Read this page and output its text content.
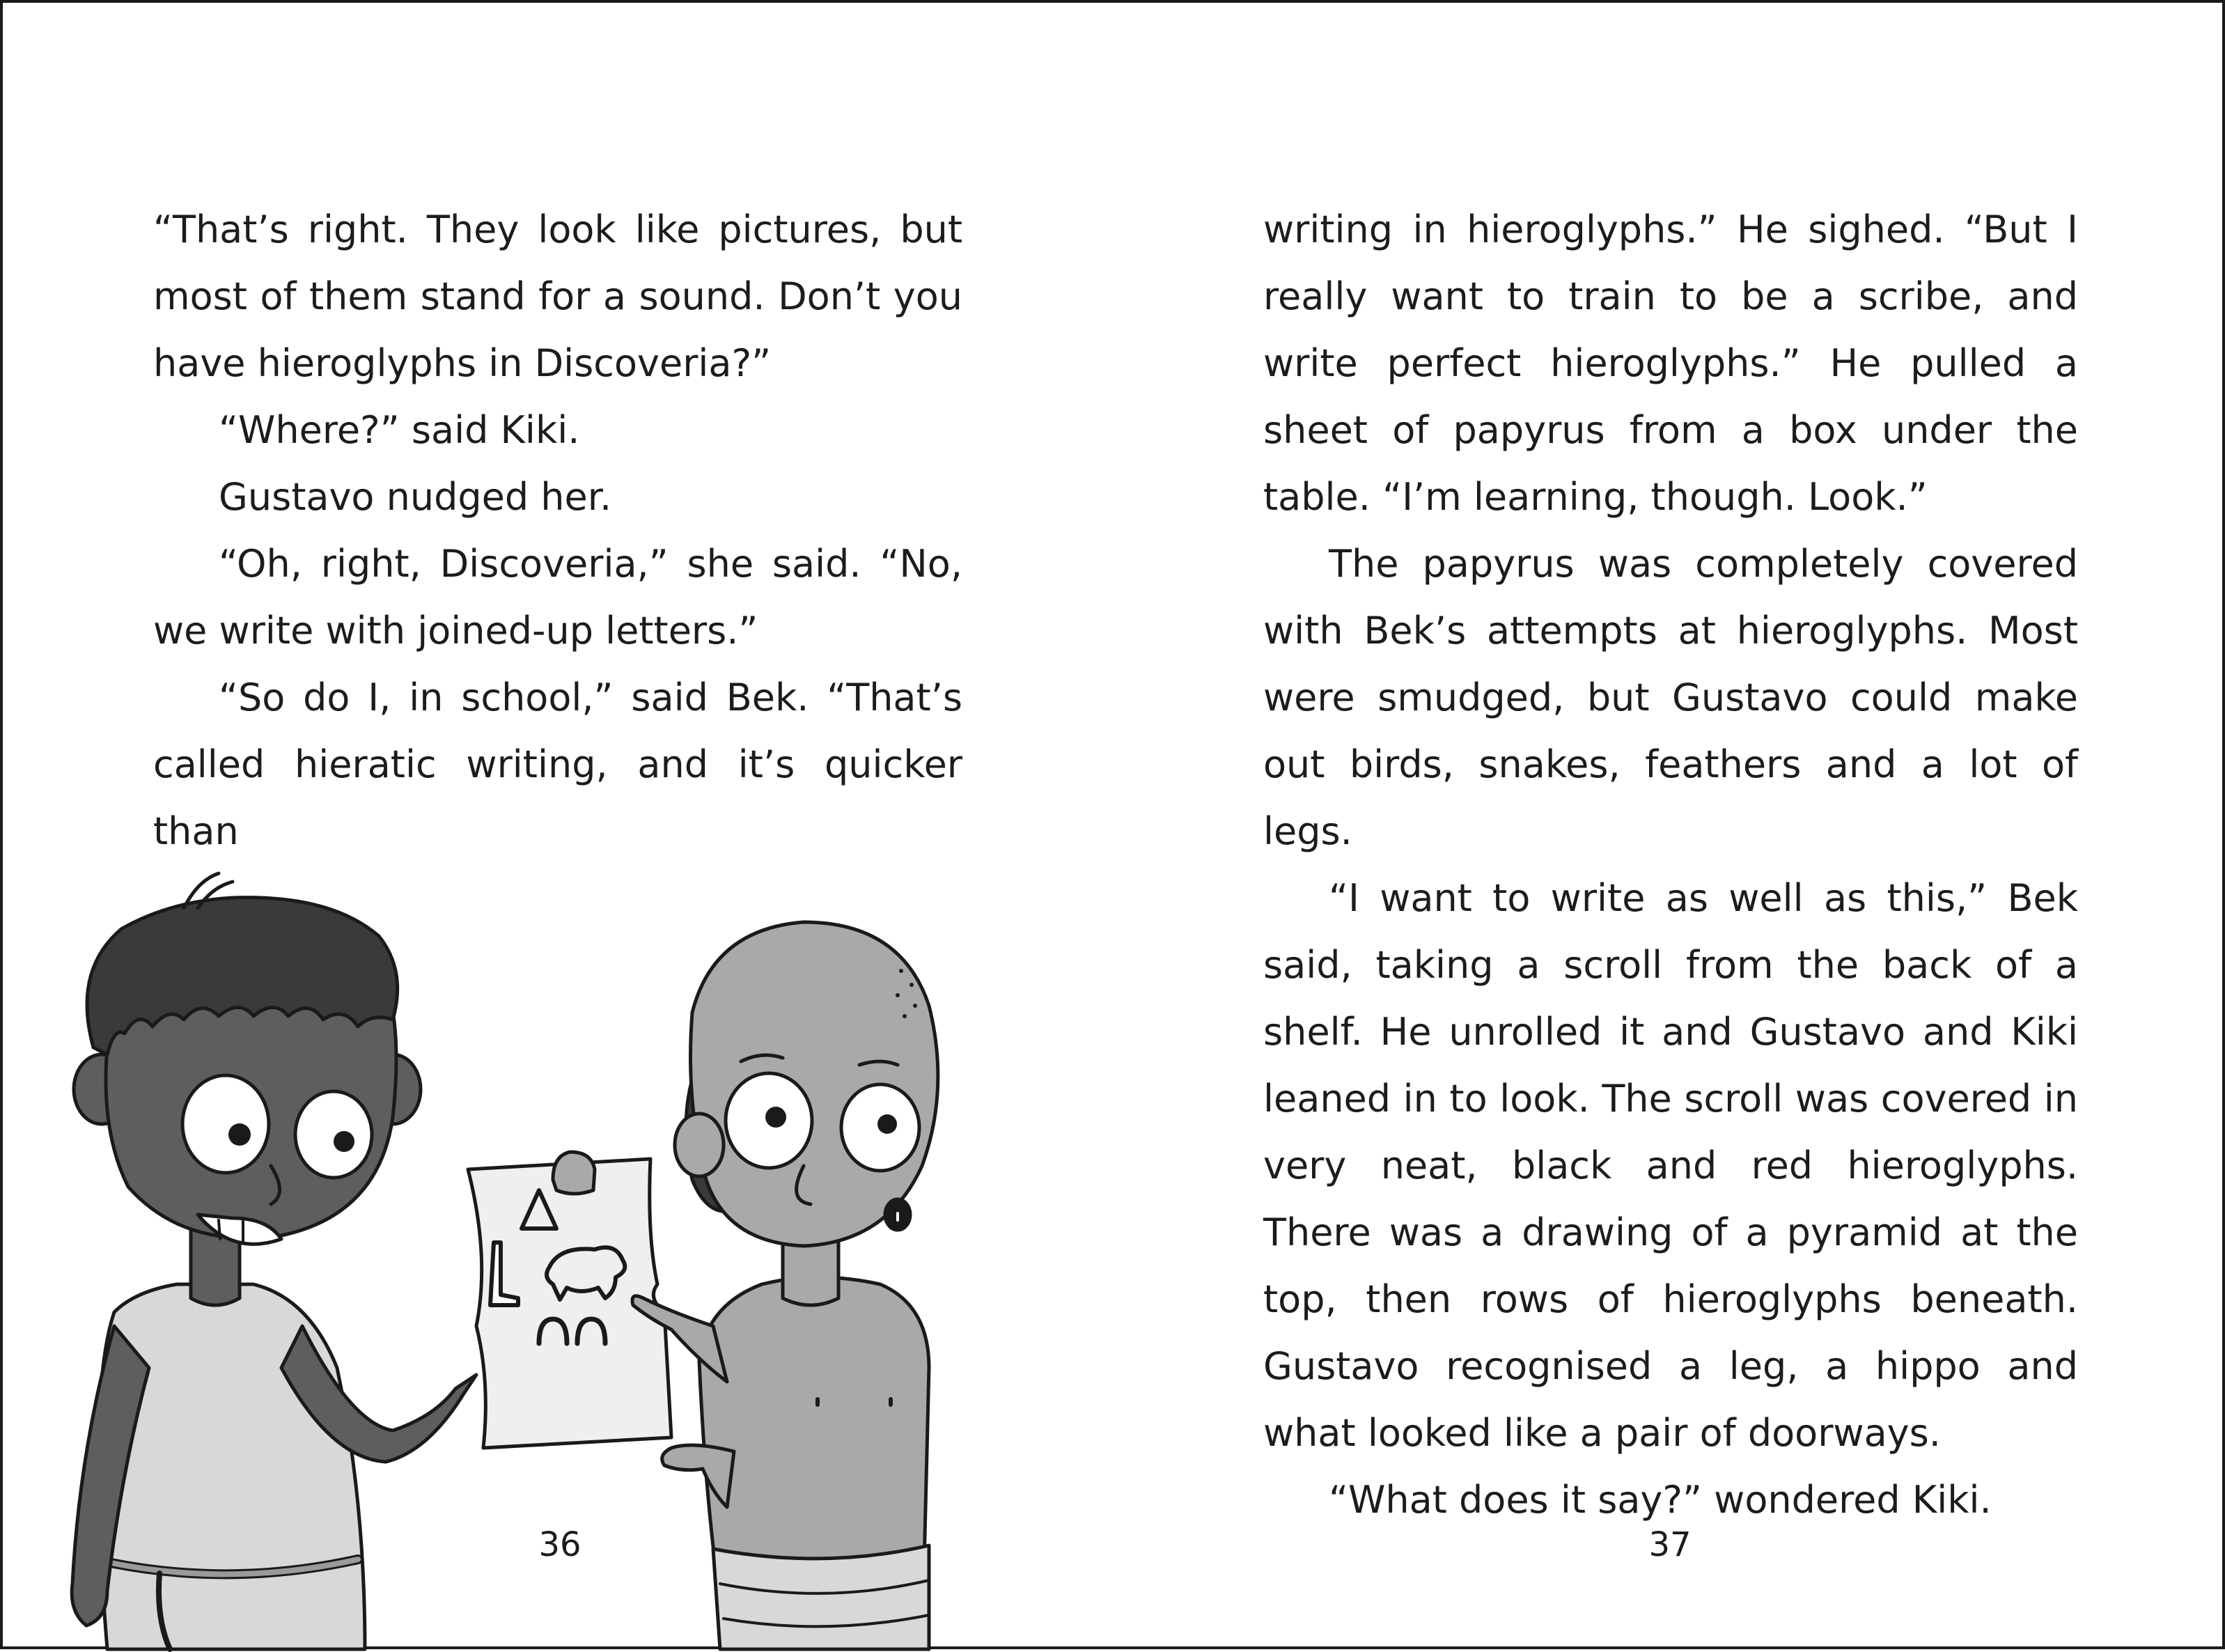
“That’s right. They look like pictures, but most of them stand for a sound. Don’t you have hieroglyphs in Discoveria?”

“Where?” said Kiki.

Gustavo nudged her.

“Oh, right, Discoveria,” she said. “No, we write with joined-up letters.”

“So do I, in school,” said Bek. “That’s called hieratic writing, and it’s quicker than

writing in hieroglyphs.” He sighed. “But I really want to train to be a scribe, and write perfect hieroglyphs.” He pulled a sheet of papyrus from a box under the table. “I’m learning, though. Look.”

The papyrus was completely covered with Bek’s attempts at hieroglyphs. Most were smudged, but Gustavo could make out birds, snakes, feathers and a lot of legs.

“I want to write as well as this,” Bek said, taking a scroll from the back of a shelf. He unrolled it and Gustavo and Kiki leaned in to look. The scroll was covered in very neat, black and red hieroglyphs. There was a drawing of a pyramid at the top, then rows of hieroglyphs beneath. Gustavo recognised a leg, a hippo and what looked like a pair of doorways.

“What does it say?” wondered Kiki.

36	37
